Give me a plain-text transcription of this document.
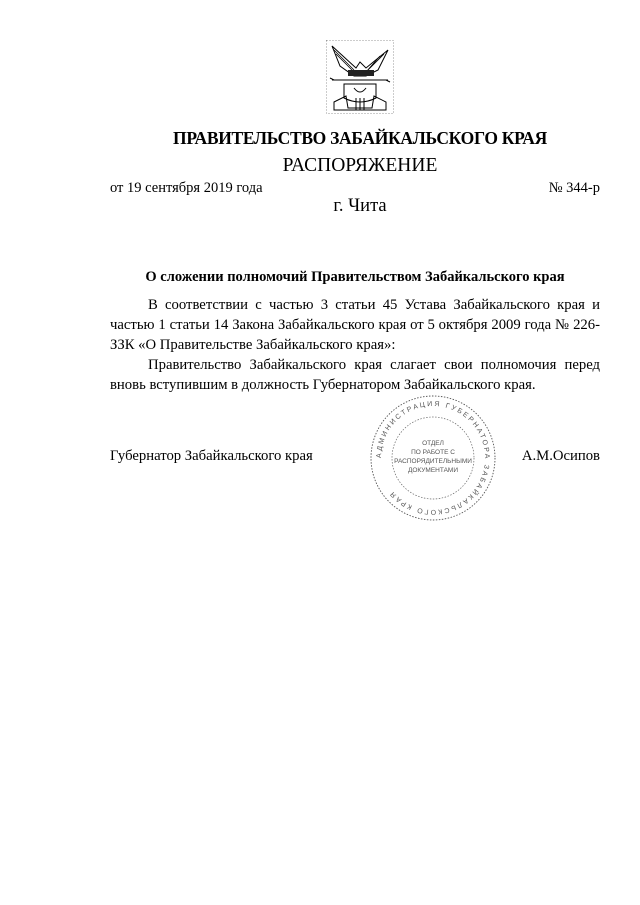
ПРАВИТЕЛЬСТВО ЗАБАЙКАЛЬСКОГО КРАЯ
РАСПОРЯЖЕНИЕ
от 19 сентября 2019 года	№ 344-р
г. Чита
О сложении полномочий Правительством Забайкальского края

В соответствии с частью 3 статьи 45 Устава Забайкальского края и частью 1 статьи 14 Закона Забайкальского края от 5 октября 2009 года № 226-ЗЗК «О Правительстве Забайкальского края»:

Правительство Забайкальского края слагает свои полномочия перед вновь вступившим в должность Губернатором Забайкальского края.

Губернатор Забайкальского края	А.М.Осипов
АДМИНИСТРАЦИЯ ГУБЕРНАТОРА ЗАБАЙКАЛЬСКОГО КРАЯ
ОТДЕЛ
ПО РАБОТЕ С
РАСПОРЯДИТЕЛЬНЫМИ
ДОКУМЕНТАМИ
